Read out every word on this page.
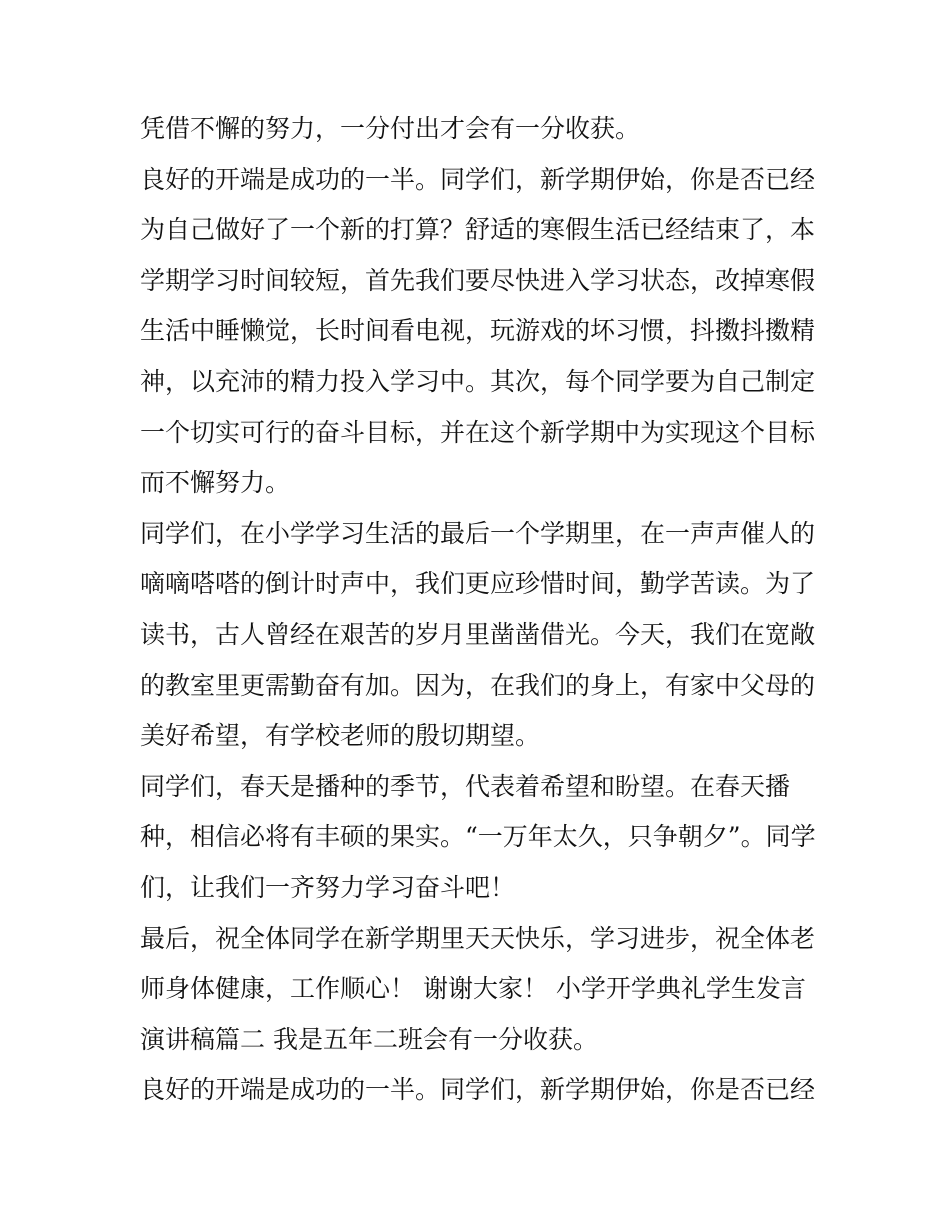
凭借不懈的努力，一分付出才会有一分收获。
良好的开端是成功的一半。同学们，新学期伊始，你是否已经
为自己做好了一个新的打算？舒适的寒假生活已经结束了，本
学期学习时间较短，首先我们要尽快进入学习状态，改掉寒假
生活中睡懒觉，长时间看电视，玩游戏的坏习惯，抖擞抖擞精
神，以充沛的精力投入学习中。其次，每个同学要为自己制定
一个切实可行的奋斗目标，并在这个新学期中为实现这个目标
而不懈努力。
同学们，在小学学习生活的最后一个学期里，在一声声催人的
嘀嘀嗒嗒的倒计时声中，我们更应珍惜时间，勤学苦读。为了
读书，古人曾经在艰苦的岁月里凿凿借光。今天，我们在宽敞
的教室里更需勤奋有加。因为，在我们的身上，有家中父母的
美好希望，有学校老师的殷切期望。
同学们，春天是播种的季节，代表着希望和盼望。在春天播
种，相信必将有丰硕的果实。“一万年太久，只争朝夕”。同学
们，让我们一齐努力学习奋斗吧！
最后，祝全体同学在新学期里天天快乐，学习进步，祝全体老
师身体健康，工作顺心！ 谢谢大家！ 小学开学典礼学生发言
演讲稿篇二 我是五年二班会有一分收获。
良好的开端是成功的一半。同学们，新学期伊始，你是否已经
